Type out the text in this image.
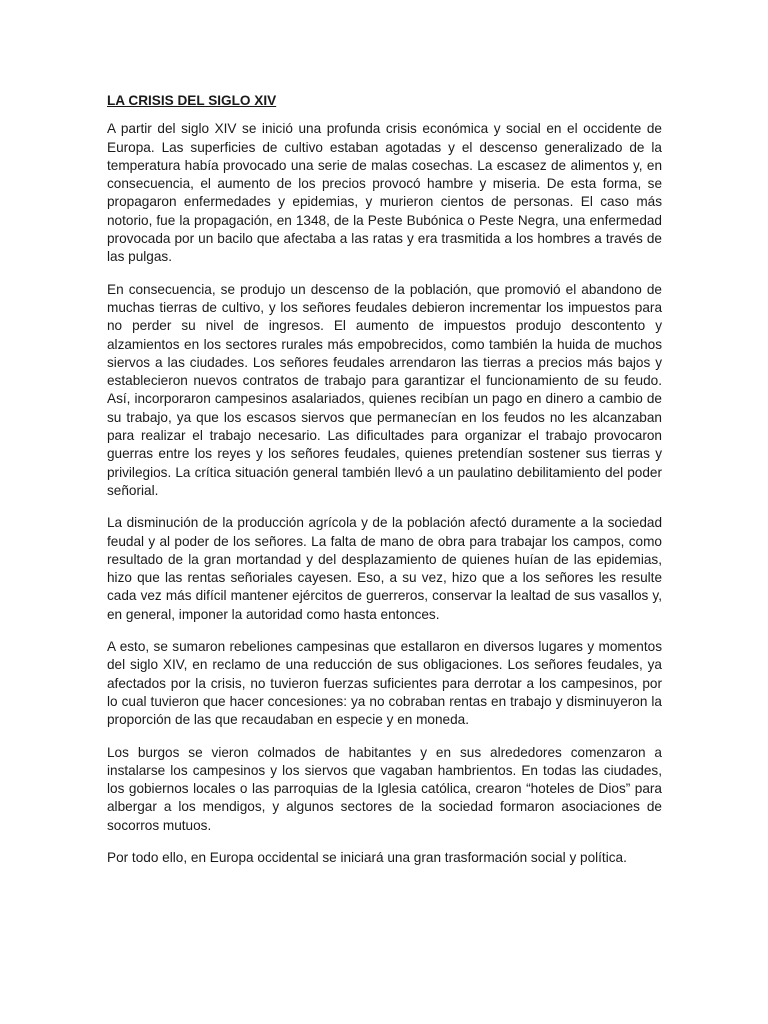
LA CRISIS DEL SIGLO XIV

A partir del siglo XIV se inició una profunda crisis económica y social en el occidente de Europa. Las superficies de cultivo estaban agotadas y el descenso generalizado de la temperatura había provocado una serie de malas cosechas. La escasez de alimentos y, en consecuencia, el aumento de los precios provocó hambre y miseria. De esta forma, se propagaron enfermedades y epidemias, y murieron cientos de personas. El caso más notorio, fue la propagación, en 1348, de la Peste Bubónica o Peste Negra, una enfermedad provocada por un bacilo que afectaba a las ratas y era trasmitida a los hombres a través de las pulgas.

En consecuencia, se produjo un descenso de la población, que promovió el abandono de muchas tierras de cultivo, y los señores feudales debieron incrementar los impuestos para no perder su nivel de ingresos. El aumento de impuestos produjo descontento y alzamientos en los sectores rurales más empobrecidos, como también la huida de muchos siervos a las ciudades. Los señores feudales arrendaron las tierras a precios más bajos y establecieron nuevos contratos de trabajo para garantizar el funcionamiento de su feudo. Así, incorporaron campesinos asalariados, quienes recibían un pago en dinero a cambio de su trabajo, ya que los escasos siervos que permanecían en los feudos no les alcanzaban para realizar el trabajo necesario. Las dificultades para organizar el trabajo provocaron guerras entre los reyes y los señores feudales, quienes pretendían sostener sus tierras y privilegios. La crítica situación general también llevó a un paulatino debilitamiento del poder señorial.

La disminución de la producción agrícola y de la población afectó duramente a la sociedad feudal y al poder de los señores. La falta de mano de obra para trabajar los campos, como resultado de la gran mortandad y del desplazamiento de quienes huían de las epidemias, hizo que las rentas señoriales cayesen. Eso, a su vez, hizo que a los señores les resulte cada vez más difícil mantener ejércitos de guerreros, conservar la lealtad de sus vasallos y, en general, imponer la autoridad como hasta entonces.

A esto, se sumaron rebeliones campesinas que estallaron en diversos lugares y momentos del siglo XIV, en reclamo de una reducción de sus obligaciones. Los señores feudales, ya afectados por la crisis, no tuvieron fuerzas suficientes para derrotar a los campesinos, por lo cual tuvieron que hacer concesiones: ya no cobraban rentas en trabajo y disminuyeron la proporción de las que recaudaban en especie y en moneda.

Los burgos se vieron colmados de habitantes y en sus alrededores comenzaron a instalarse los campesinos y los siervos que vagaban hambrientos. En todas las ciudades, los gobiernos locales o las parroquias de la Iglesia católica, crearon “hoteles de Dios” para albergar a los mendigos, y algunos sectores de la sociedad formaron asociaciones de socorros mutuos.

Por todo ello, en Europa occidental se iniciará una gran trasformación social y política.
